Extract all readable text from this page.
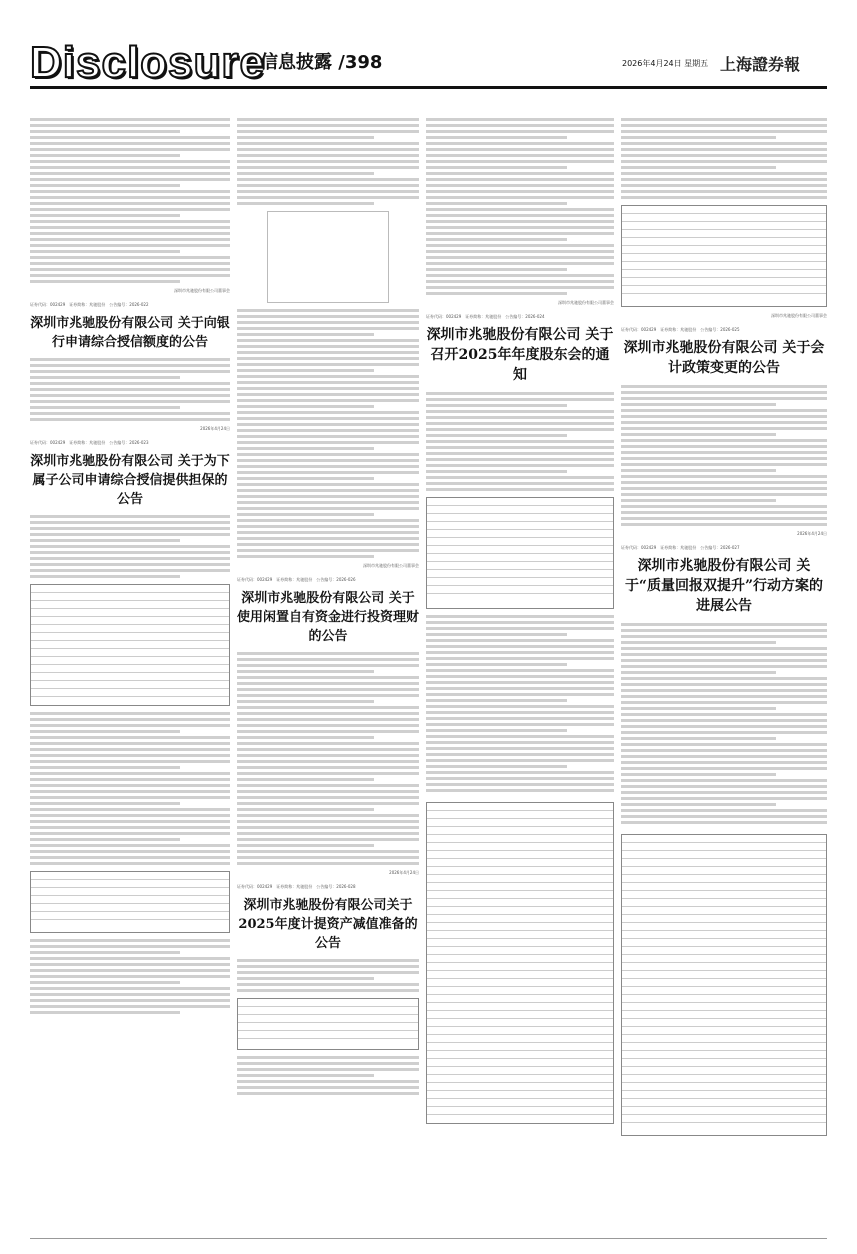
Disclosure
信息披露 /398	2026年4月24日 星期五 上海證券報
深圳市兆驰股份有限公司董事会
证券代码：002429　证券简称：兆驰股份　公告编号：2026-022
深圳市兆驰股份有限公司 关于向银行申请综合授信额度的公告
2026年4月24日
证券代码：002429　证券简称：兆驰股份　公告编号：2026-023
深圳市兆驰股份有限公司 关于为下属子公司申请综合授信提供担保的公告
深圳市兆驰股份有限公司董事会
证券代码：002429　证券简称：兆驰股份　公告编号：2026-026
深圳市兆驰股份有限公司 关于使用闲置自有资金进行投资理财的公告
2026年4月24日
证券代码：002429　证券简称：兆驰股份　公告编号：2026-028
深圳市兆驰股份有限公司关于2025年度计提资产减值准备的公告
深圳市兆驰股份有限公司董事会
证券代码：002429　证券简称：兆驰股份　公告编号：2026-024
深圳市兆驰股份有限公司 关于召开2025年年度股东会的通知
深圳市兆驰股份有限公司董事会
证券代码：002429　证券简称：兆驰股份　公告编号：2026-025
深圳市兆驰股份有限公司 关于会计政策变更的公告
2026年4月24日
证券代码：002429　证券简称：兆驰股份　公告编号：2026-027
深圳市兆驰股份有限公司 关于“质量回报双提升”行动方案的进展公告
